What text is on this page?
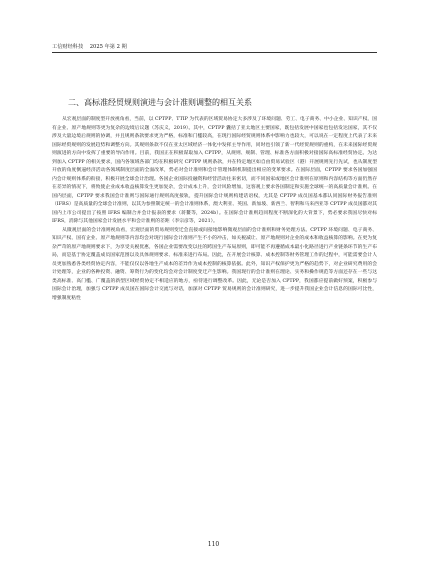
工信财经科技 2025 年第 2 期
二、高标准经贸规则演进与会计准则调整的相互关系

从宏观层面的制度型开放视角看，当前，以 CPTPP、TTIP 为代表的区域贸易协定大多涉及了环境问题、劳工、电子商务、中小企业、知识产权、国有企业、原产地规则等更为复杂的边境后议题（苏庆义，2019）。其中，CPTPP 囊括了亚太地区主要国家，既包括发展中国家也包括发达国家，其不仅涉及大量边境后规则的协调，并且规则条款要求更为严格，标准和门槛较高，在现行国际经贸规则体系中影响力也较大，可以说在一定程度上代表了未来国际经贸规则的发展趋势和调整方向。其规则条款不仅在亚太区域经济一体化中发挥主导作用，同时也引领了新一代经贸规则的重构，在未来国际经贸规则演进的方向中发挥了重要的导向作用。目前，我国正在积极谋取加入 CPTPP，从规则、规制、管理、标准各方面积极对接国际高标准经贸协定。为达到加入 CPTPP 的相关要求，国内各领域各部门均在积极研究 CPTPP 规则条款，并在特定地区如自由贸易试验区（港）开展规则先行先试，也从制度型开放的角度倒逼经济活动各领域制度层面的全面改革，势必对会计准则和会计管理体制机制提出相应的变革要求。在国际层面，CPTPP 要求各国加强国内会计规则体系的衔接，积极开展全球会计治理。各国企业国际投融资和经营活动往来密切，而不同国家或地区会计准则在原则和内容结构等方面仍然存在差异的情况下，将致使企业成本收益核算发生更加复杂，会计成本上升，会计风险增加，这客观上要求各国制定和实施全球统一的高质量会计准则。在国内层面，CPTPP 要求我国会计准则与国际通行规则高度接轨，提升国际会计规则构建话语权，尤其是 CPTPP 成员国基本都认同国际财务报告准则（IFRS）是高质量的全球会计准则，以其为参照制定统一的会计准则体系，澳大利亚、英国、新加坡、新西兰、智利和马来西亚等 CPTPP 成员国都对其国内上市公司提出了按照 IFRS 编制合并会计报表的要求（蒋鳌等，2024b）。在国际会计准则趋同程度不断深化的大背景下，势必要求我国尽快对标 IFRS，消除与其他国家会计发展水平和会计准则的差距（李宗彦等，2021）。

从微观层面的会计准则视角看，宏观层面的贸易规则变迁会直接或间接地影响微观层面的会计准则和财务处理方法。CPTPP 环境问题、电子商务、知识产权、国有企业、原产地规则等内容均会对现行国际会计准则产生不小的冲击，如关税减让、原产地规则对企业的成本和收益核算的影响。在更为复杂严苛的原产地规则要求下，为享受关税优惠，各国企业需要改变以往的跨国生产布局原则，即可能不再遵循成本最小化路径进行产业链条环节的生产布局，而是基于协定覆盖成员国家范围以及具体规则要求、标准来进行布局。因此，在开展会计核算、成本控制等财务管理工作的过程中，可能需要会计人员更加熟悉各类经贸协定内容，不能仅仅以各地生产成本的差异作为成本控制的核算依据。此外，知识产权保护更为严格的趋势下，对企业研究费用的会计处理等，企业的各种投资、融资、筹资行为的变化均会对会计制度变迁产生影响。我国现行的会计准则在理论、实务和操作规范等方面还存在一些与这类高标准、高门槛、广覆盖的新型区域经贸协定不相适应的地方，亟待进行调整改革。因此，无论是否加入 CPTPP，我国都应提前做好预案，积极参与国际会计治理，加强与 CPTPP 成员国在国际会计交流与对话，加深对 CPTPP 贸易规则的会计准则研究，进一步提升我国企业会计信息的国际可比性，增强制度粘性

110
